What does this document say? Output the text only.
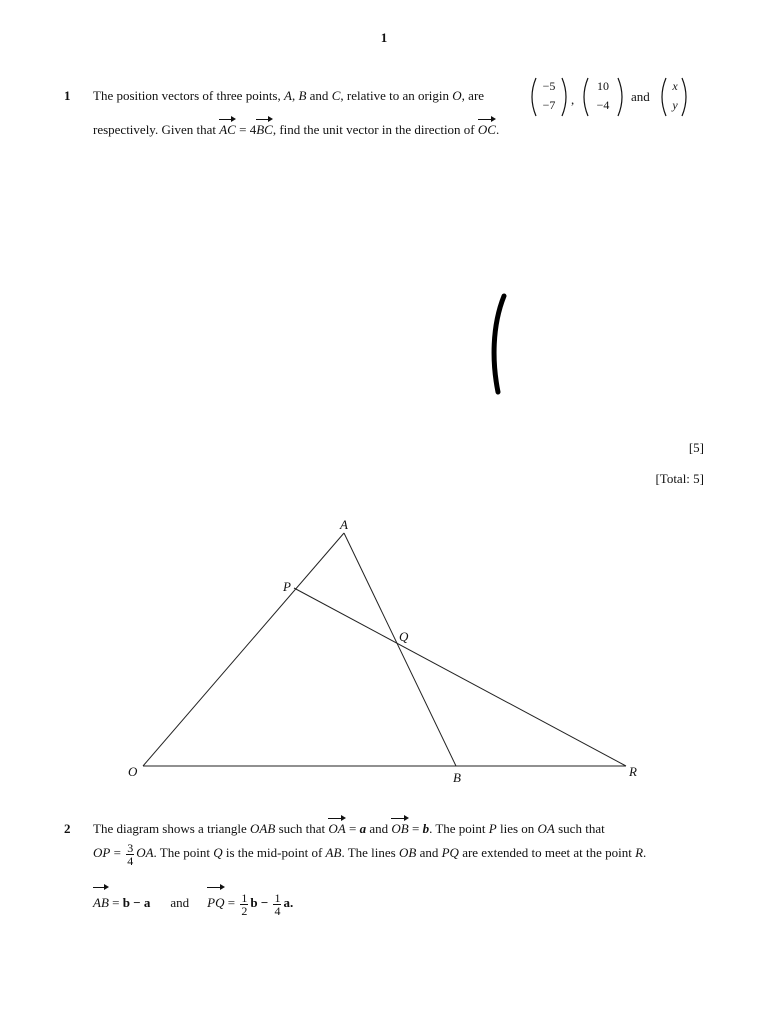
1
1 The position vectors of three points, A, B and C, relative to an origin O, are
−5
−7	,
10
−4
and
x
y
respectively. Given that AC = 4BC, find the unit vector in the direction of OC.
[5]
[Total: 5]
A
P
Q
O	B	R
2 The diagram shows a triangle OAB such that OA = a and OB = b. The point P lies on OA such that
OP = $\frac{3}{4}$ OA. The point Q is the mid-point of AB. The lines OB and PQ are extended to meet at the point R.
AB = b − a and PQ = $\frac{1}{2}$ $b - \frac{1}{4} a$.
